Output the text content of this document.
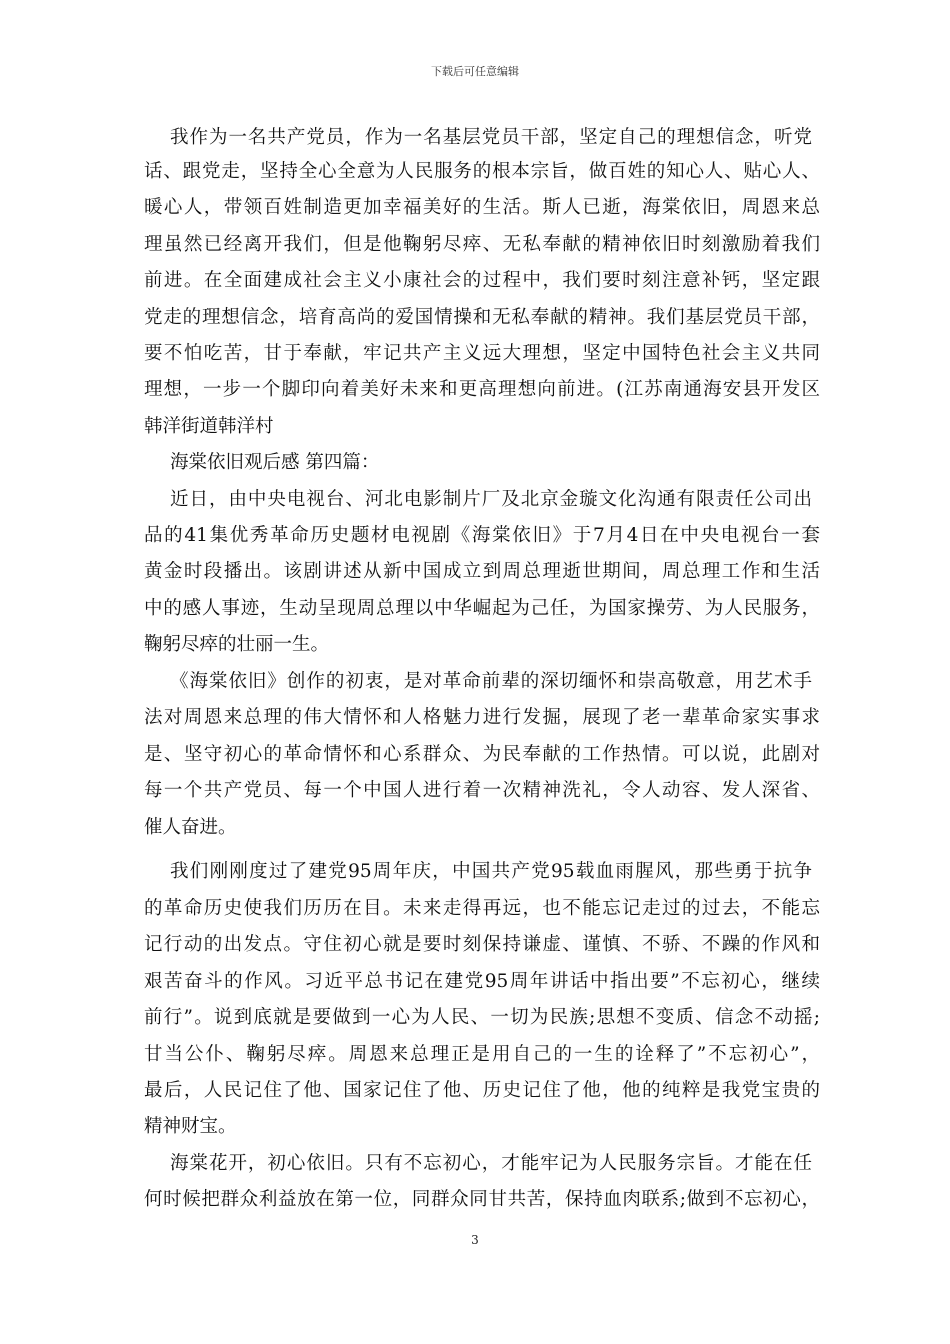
下载后可任意编辑
我作为一名共产党员，作为一名基层党员干部，坚定自己的理想信念，听党
话、跟党走，坚持全心全意为人民服务的根本宗旨，做百姓的知心人、贴心人、
暖心人，带领百姓制造更加幸福美好的生活。斯人已逝，海棠依旧，周恩来总
理虽然已经离开我们，但是他鞠躬尽瘁、无私奉献的精神依旧时刻激励着我们
前进。在全面建成社会主义小康社会的过程中，我们要时刻注意补钙，坚定跟
党走的理想信念，培育高尚的爱国情操和无私奉献的精神。我们基层党员干部，
要不怕吃苦，甘于奉献，牢记共产主义远大理想，坚定中国特色社会主义共同
理想，一步一个脚印向着美好未来和更高理想向前进。(江苏南通海安县开发区
韩洋街道韩洋村
海棠依旧观后感 第四篇：
近日，由中央电视台、河北电影制片厂及北京金璇文化沟通有限责任公司出
品的41集优秀革命历史题材电视剧《海棠依旧》于7月4日在中央电视台一套
黄金时段播出。该剧讲述从新中国成立到周总理逝世期间，周总理工作和生活
中的感人事迹，生动呈现周总理以中华崛起为己任，为国家操劳、为人民服务，
鞠躬尽瘁的壮丽一生。
《海棠依旧》创作的初衷，是对革命前辈的深切缅怀和崇高敬意，用艺术手
法对周恩来总理的伟大情怀和人格魅力进行发掘，展现了老一辈革命家实事求
是、坚守初心的革命情怀和心系群众、为民奉献的工作热情。可以说，此剧对
每一个共产党员、每一个中国人进行着一次精神洗礼，令人动容、发人深省、
催人奋进。
我们刚刚度过了建党95周年庆，中国共产党95载血雨腥风，那些勇于抗争
的革命历史使我们历历在目。未来走得再远，也不能忘记走过的过去，不能忘
记行动的出发点。守住初心就是要时刻保持谦虚、谨慎、不骄、不躁的作风和
艰苦奋斗的作风。习近平总书记在建党95周年讲话中指出要”不忘初心，继续
前行”。说到底就是要做到一心为人民、一切为民族;思想不变质、信念不动摇;
甘当公仆、鞠躬尽瘁。周恩来总理正是用自己的一生的诠释了”不忘初心”，
最后，人民记住了他、国家记住了他、历史记住了他，他的纯粹是我党宝贵的
精神财宝。
海棠花开，初心依旧。只有不忘初心，才能牢记为人民服务宗旨。才能在任
何时候把群众利益放在第一位，同群众同甘共苦，保持血肉联系;做到不忘初心，
3
